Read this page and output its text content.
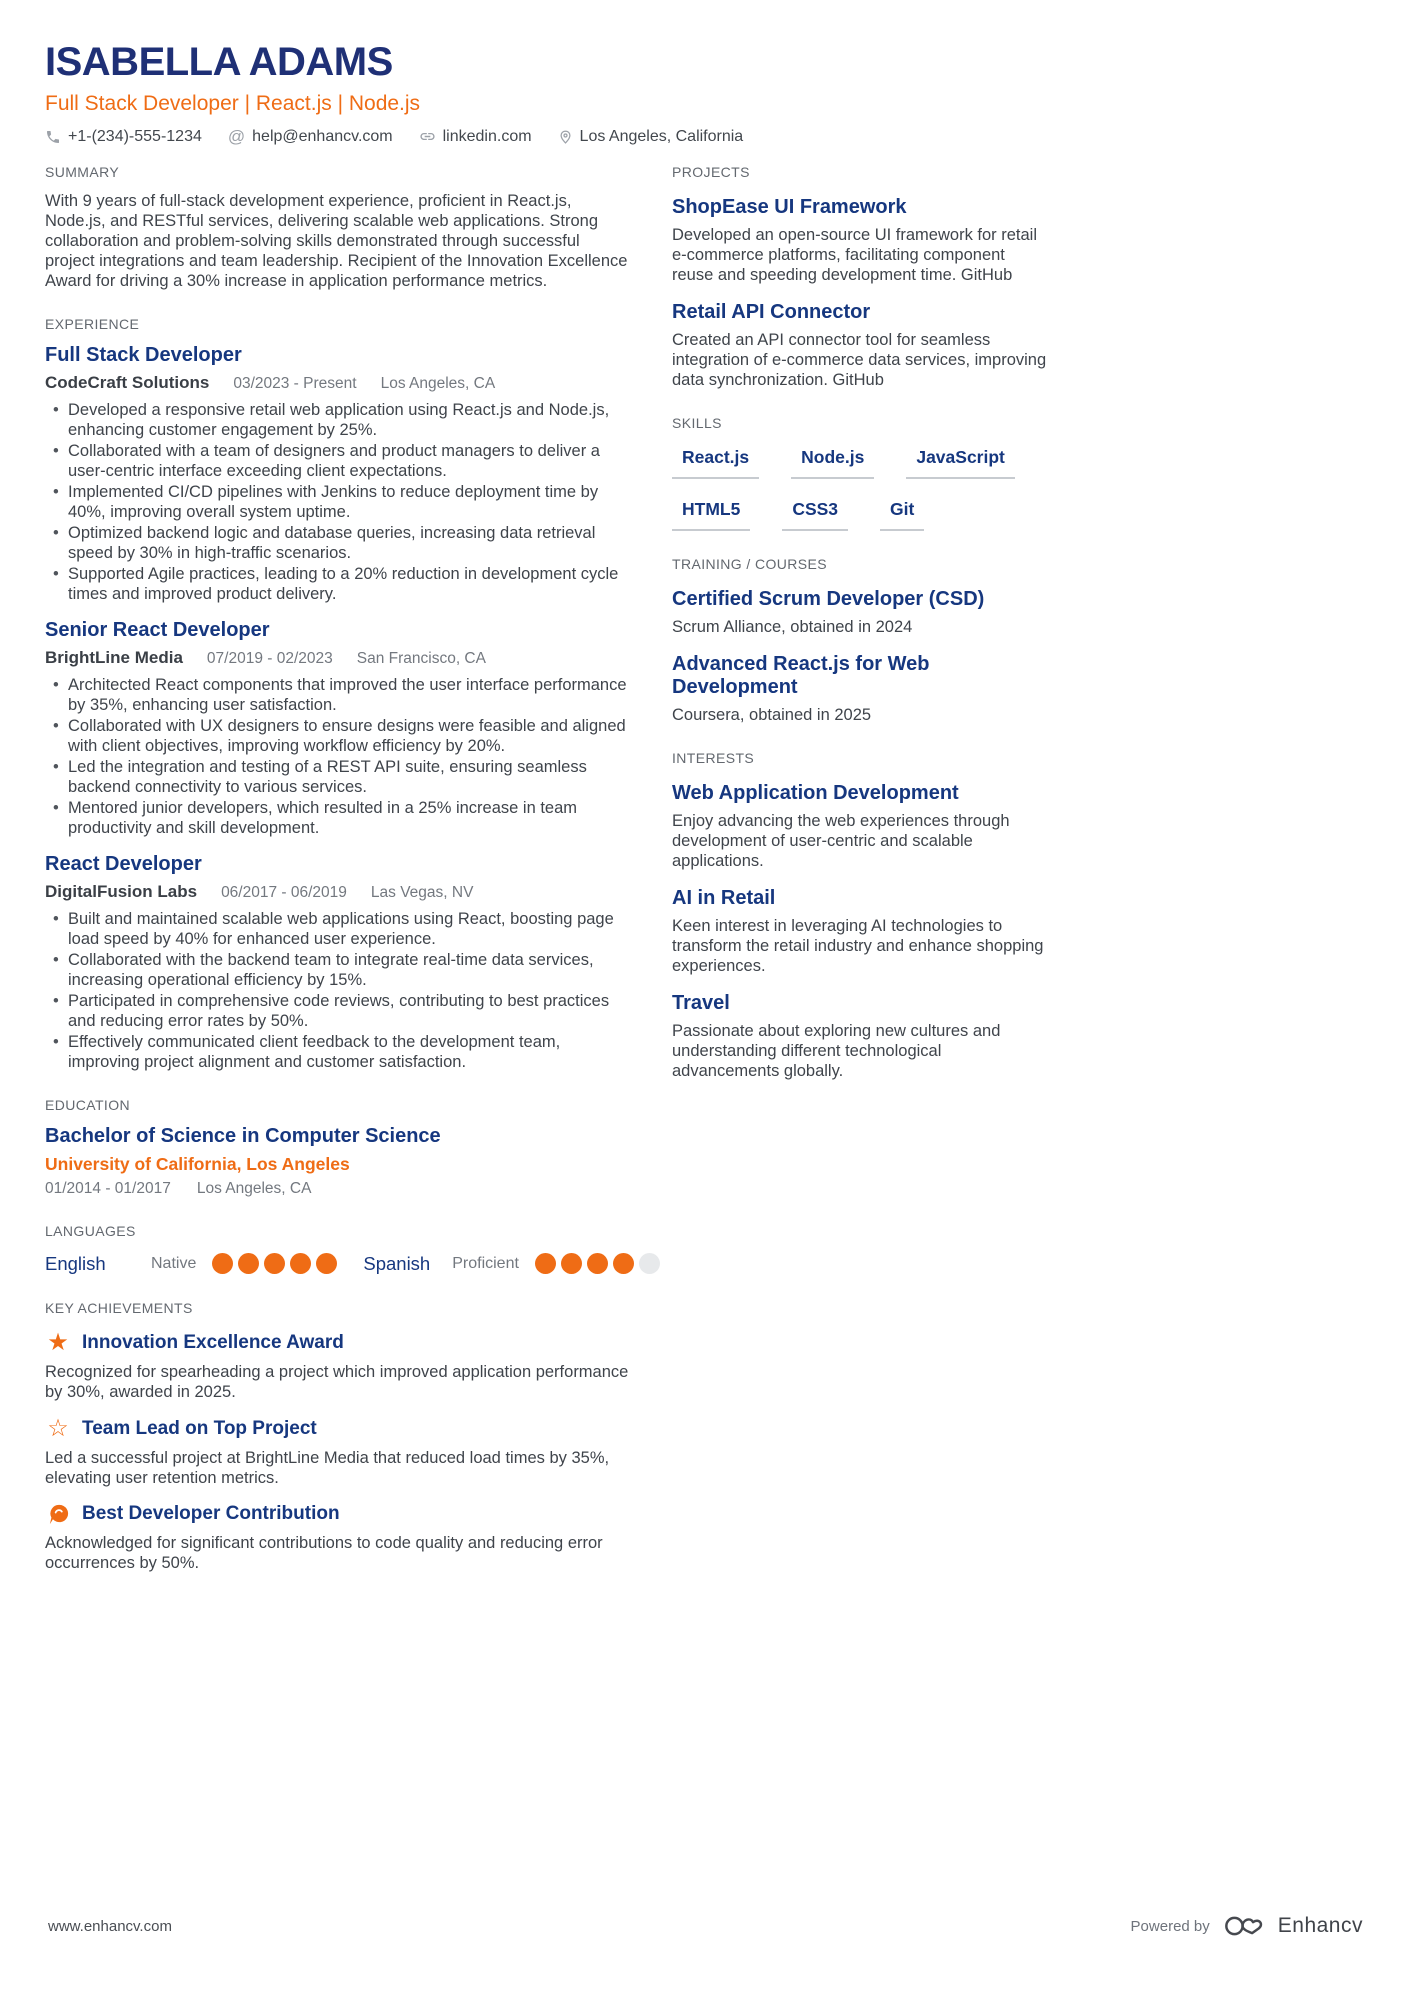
ISABELLA ADAMS
Full Stack Developer | React.js | Node.js
+1-(234)-555-1234 @ help@enhancv.com	linkedin.com	Los Angeles, California
SUMMARY

With 9 years of full-stack development experience, proficient in React.js, Node.js, and RESTful services, delivering scalable web applications. Strong collaboration and problem-solving skills demonstrated through successful project integrations and team leadership. Recipient of the Innovation Excellence Award for driving a 30% increase in application performance metrics.

EXPERIENCE
Full Stack Developer
CodeCraft Solutions 03/2023 - Present Los Angeles, CA
• Developed a responsive retail web application using React.js and Node.js, enhancing customer engagement by 25%.
• Collaborated with a team of designers and product managers to deliver a user-centric interface exceeding client expectations.
• Implemented CI/CD pipelines with Jenkins to reduce deployment time by 40%, improving overall system uptime.
• Optimized backend logic and database queries, increasing data retrieval speed by 30% in high-traffic scenarios.
• Supported Agile practices, leading to a 20% reduction in development cycle times and improved product delivery.
Senior React Developer
BrightLine Media 07/2019 - 02/2023 San Francisco, CA
• Architected React components that improved the user interface performance by 35%, enhancing user satisfaction.
• Collaborated with UX designers to ensure designs were feasible and aligned with client objectives, improving workflow efficiency by 20%.
• Led the integration and testing of a REST API suite, ensuring seamless backend connectivity to various services.
• Mentored junior developers, which resulted in a 25% increase in team productivity and skill development.
React Developer
DigitalFusion Labs 06/2017 - 06/2019 Las Vegas, NV
• Built and maintained scalable web applications using React, boosting page load speed by 40% for enhanced user experience.
• Collaborated with the backend team to integrate real-time data services, increasing operational efficiency by 15%.
• Participated in comprehensive code reviews, contributing to best practices and reducing error rates by 50%.
• Effectively communicated client feedback to the development team, improving project alignment and customer satisfaction.
EDUCATION
Bachelor of Science in Computer Science
University of California, Los Angeles
01/2014 - 01/2017 Los Angeles, CA
LANGUAGES
English	Native	Spanish Proficient
KEY ACHIEVEMENTS
★ Innovation Excellence Award

Recognized for spearheading a project which improved application performance by 30%, awarded in 2025.

☆ Team Lead on Top Project

Led a successful project at BrightLine Media that reduced load times by 35%, elevating user retention metrics.

Best Developer Contribution

Acknowledged for significant contributions to code quality and reducing error occurrences by 50%.

PROJECTS
ShopEase UI Framework

Developed an open-source UI framework for retail e-commerce platforms, facilitating component reuse and speeding development time. GitHub

Retail API Connector

Created an API connector tool for seamless integration of e-commerce data services, improving data synchronization. GitHub

SKILLS
React.js	Node.js	JavaScript
HTML5	CSS3	Git
TRAINING / COURSES
Certified Scrum Developer (CSD)

Scrum Alliance, obtained in 2024

Advanced React.js for Web Development

Coursera, obtained in 2025

INTERESTS
Web Application Development

Enjoy advancing the web experiences through development of user-centric and scalable applications.

AI in Retail

Keen interest in leveraging AI technologies to transform the retail industry and enhance shopping experiences.

Travel

Passionate about exploring new cultures and understanding different technological advancements globally.

www.enhancv.com	Powered by	Enhancv
